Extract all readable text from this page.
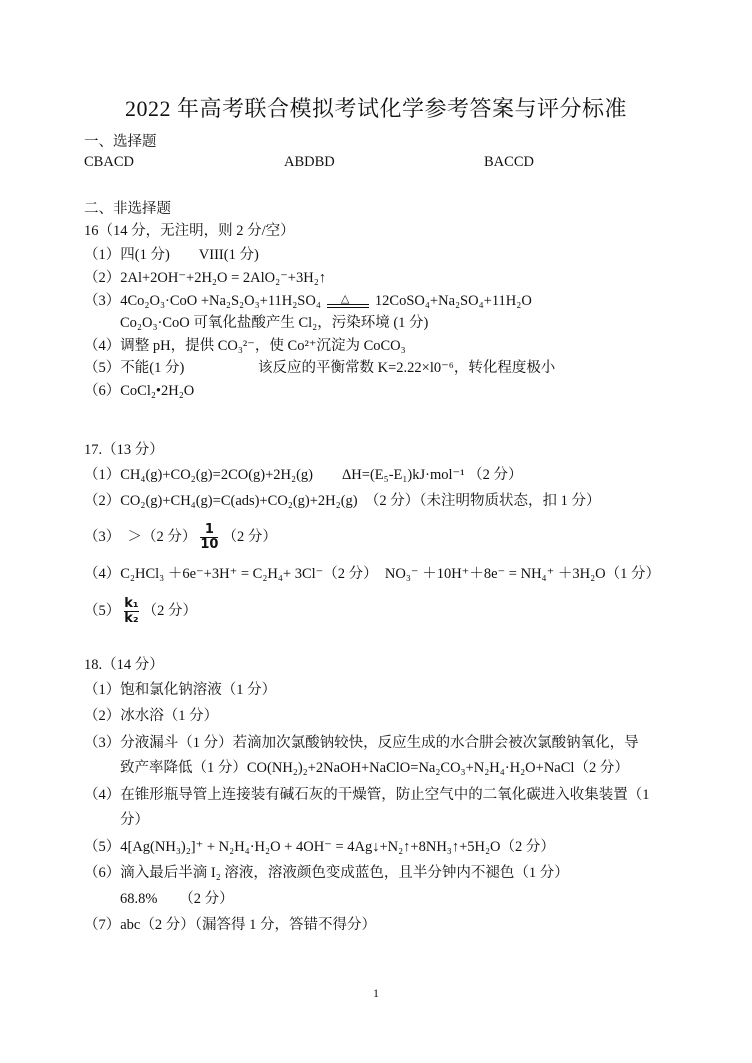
2022 年高考联合模拟考试化学参考答案与评分标准
一、选择题
CBACD	ABDBD	BACCD
二、非选择题
16（14 分，无注明，则 2 分/空）
（1）四(1 分)　　VIII(1 分)
（2）2Al+2OH⁻+2H₂O = 2AlO₂⁻+3H₂↑
（3）4Co₂O₃·CoO +Na₂S₂O₃+11H₂SO₄ △ 12CoSO₄+Na₂SO₄+11H₂O
Co₂O₃·CoO 可氧化盐酸产生 Cl₂，污染环境 (1 分)
（4）调整 pH，提供 CO₃²⁻，使 Co²⁺沉淀为 CoCO₃
（5）不能(1 分)	该反应的平衡常数 K=2.22×l0⁻⁶，转化程度极小
（6）CoCl₂•2H₂O
17.（13 分）
（1）CH₄(g)+CO₂(g)=2CO(g)+2H₂(g)　　ΔH=(E₅-E₁)kJ·mol⁻¹ （2 分）
（2）CO₂(g)+CH₄(g)=C(ads)+CO₂(g)+2H₂(g)　（2 分）（未注明物质状态，扣 1 分）
（3）　＞（2 分） $\frac{1}{10} (2$ 分）
（4）C₂HCl₃ ＋6e⁻+3H⁺ = C₂H₄+ 3Cl⁻（2 分）　NO₃⁻ ＋10H⁺＋8e⁻ = NH₄⁺ ＋3H₂O（1 分）
$(5) \frac{\text{k₁}}{\text{k₂}} (2$ 分）
18.（14 分）
（1）饱和氯化钠溶液（1 分）
（2）冰水浴（1 分）
（3）分液漏斗（1 分）若滴加次氯酸钠较快，反应生成的水合肼会被次氯酸钠氧化，导
致产率降低（1 分）CO(NH₂)₂+2NaOH+NaClO=Na₂CO₃+N₂H₄·H₂O+NaCl（2 分）
（4）在锥形瓶导管上连接装有碱石灰的干燥管，防止空气中的二氧化碳进入收集装置（1
分）
（5）4[Ag(NH₃)₂]⁺ + N₂H₄·H₂O + 4OH⁻ = 4Ag↓+N₂↑+8NH₃↑+5H₂O（2 分）
（6）滴入最后半滴 I₂ 溶液，溶液颜色变成蓝色，且半分钟内不褪色（1 分）
68.8%　　（2 分）
（7）abc（2 分）（漏答得 1 分，答错不得分）
1
